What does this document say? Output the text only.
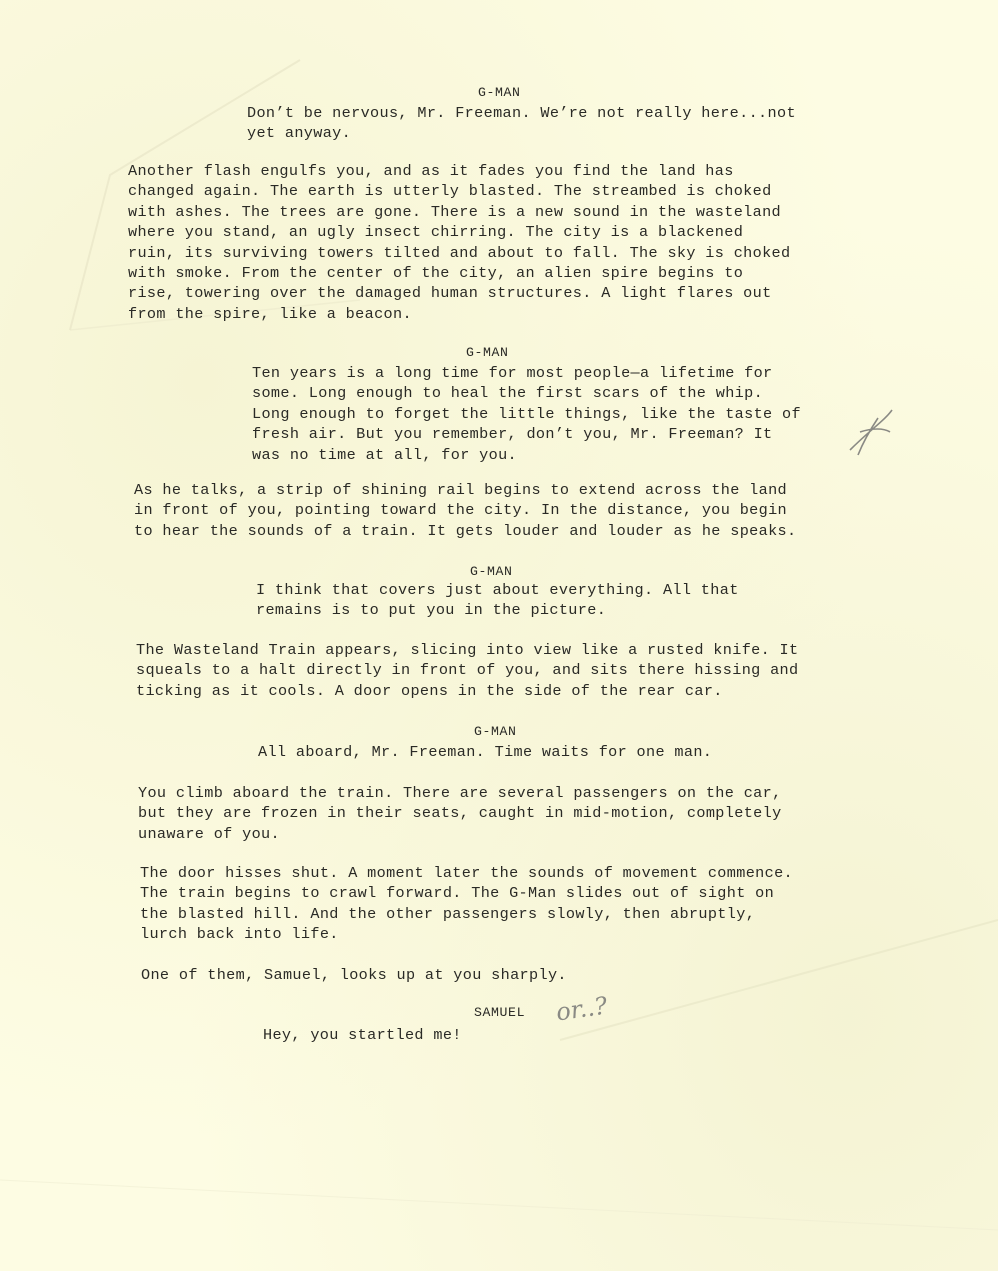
G-MAN

Don’t be nervous, Mr. Freeman. We’re not really here...not
yet anyway.

Another flash engulfs you, and as it fades you find the land has
changed again. The earth is utterly blasted. The streambed is choked
with ashes. The trees are gone. There is a new sound in the wasteland
where you stand, an ugly insect chirring. The city is a blackened
ruin, its surviving towers tilted and about to fall. The sky is choked
with smoke. From the center of the city, an alien spire begins to
rise, towering over the damaged human structures. A light flares out
from the spire, like a beacon.

G-MAN

Ten years is a long time for most people—a lifetime for
some. Long enough to heal the first scars of the whip.
Long enough to forget the little things, like the taste of
fresh air. But you remember, don’t you, Mr. Freeman? It
was no time at all, for you.

As he talks, a strip of shining rail begins to extend across the land
in front of you, pointing toward the city. In the distance, you begin
to hear the sounds of a train. It gets louder and louder as he speaks.

G-MAN

I think that covers just about everything. All that
remains is to put you in the picture.

The Wasteland Train appears, slicing into view like a rusted knife. It
squeals to a halt directly in front of you, and sits there hissing and
ticking as it cools. A door opens in the side of the rear car.

G-MAN

All aboard, Mr. Freeman. Time waits for one man.

You climb aboard the train. There are several passengers on the car,
but they are frozen in their seats, caught in mid-motion, completely
unaware of you.

The door hisses shut. A moment later the sounds of movement commence.
The train begins to crawl forward. The G-Man slides out of sight on
the blasted hill. And the other passengers slowly, then abruptly,
lurch back into life.

One of them, Samuel, looks up at you sharply.

SAMUEL

Hey, you startled me!

or..?
